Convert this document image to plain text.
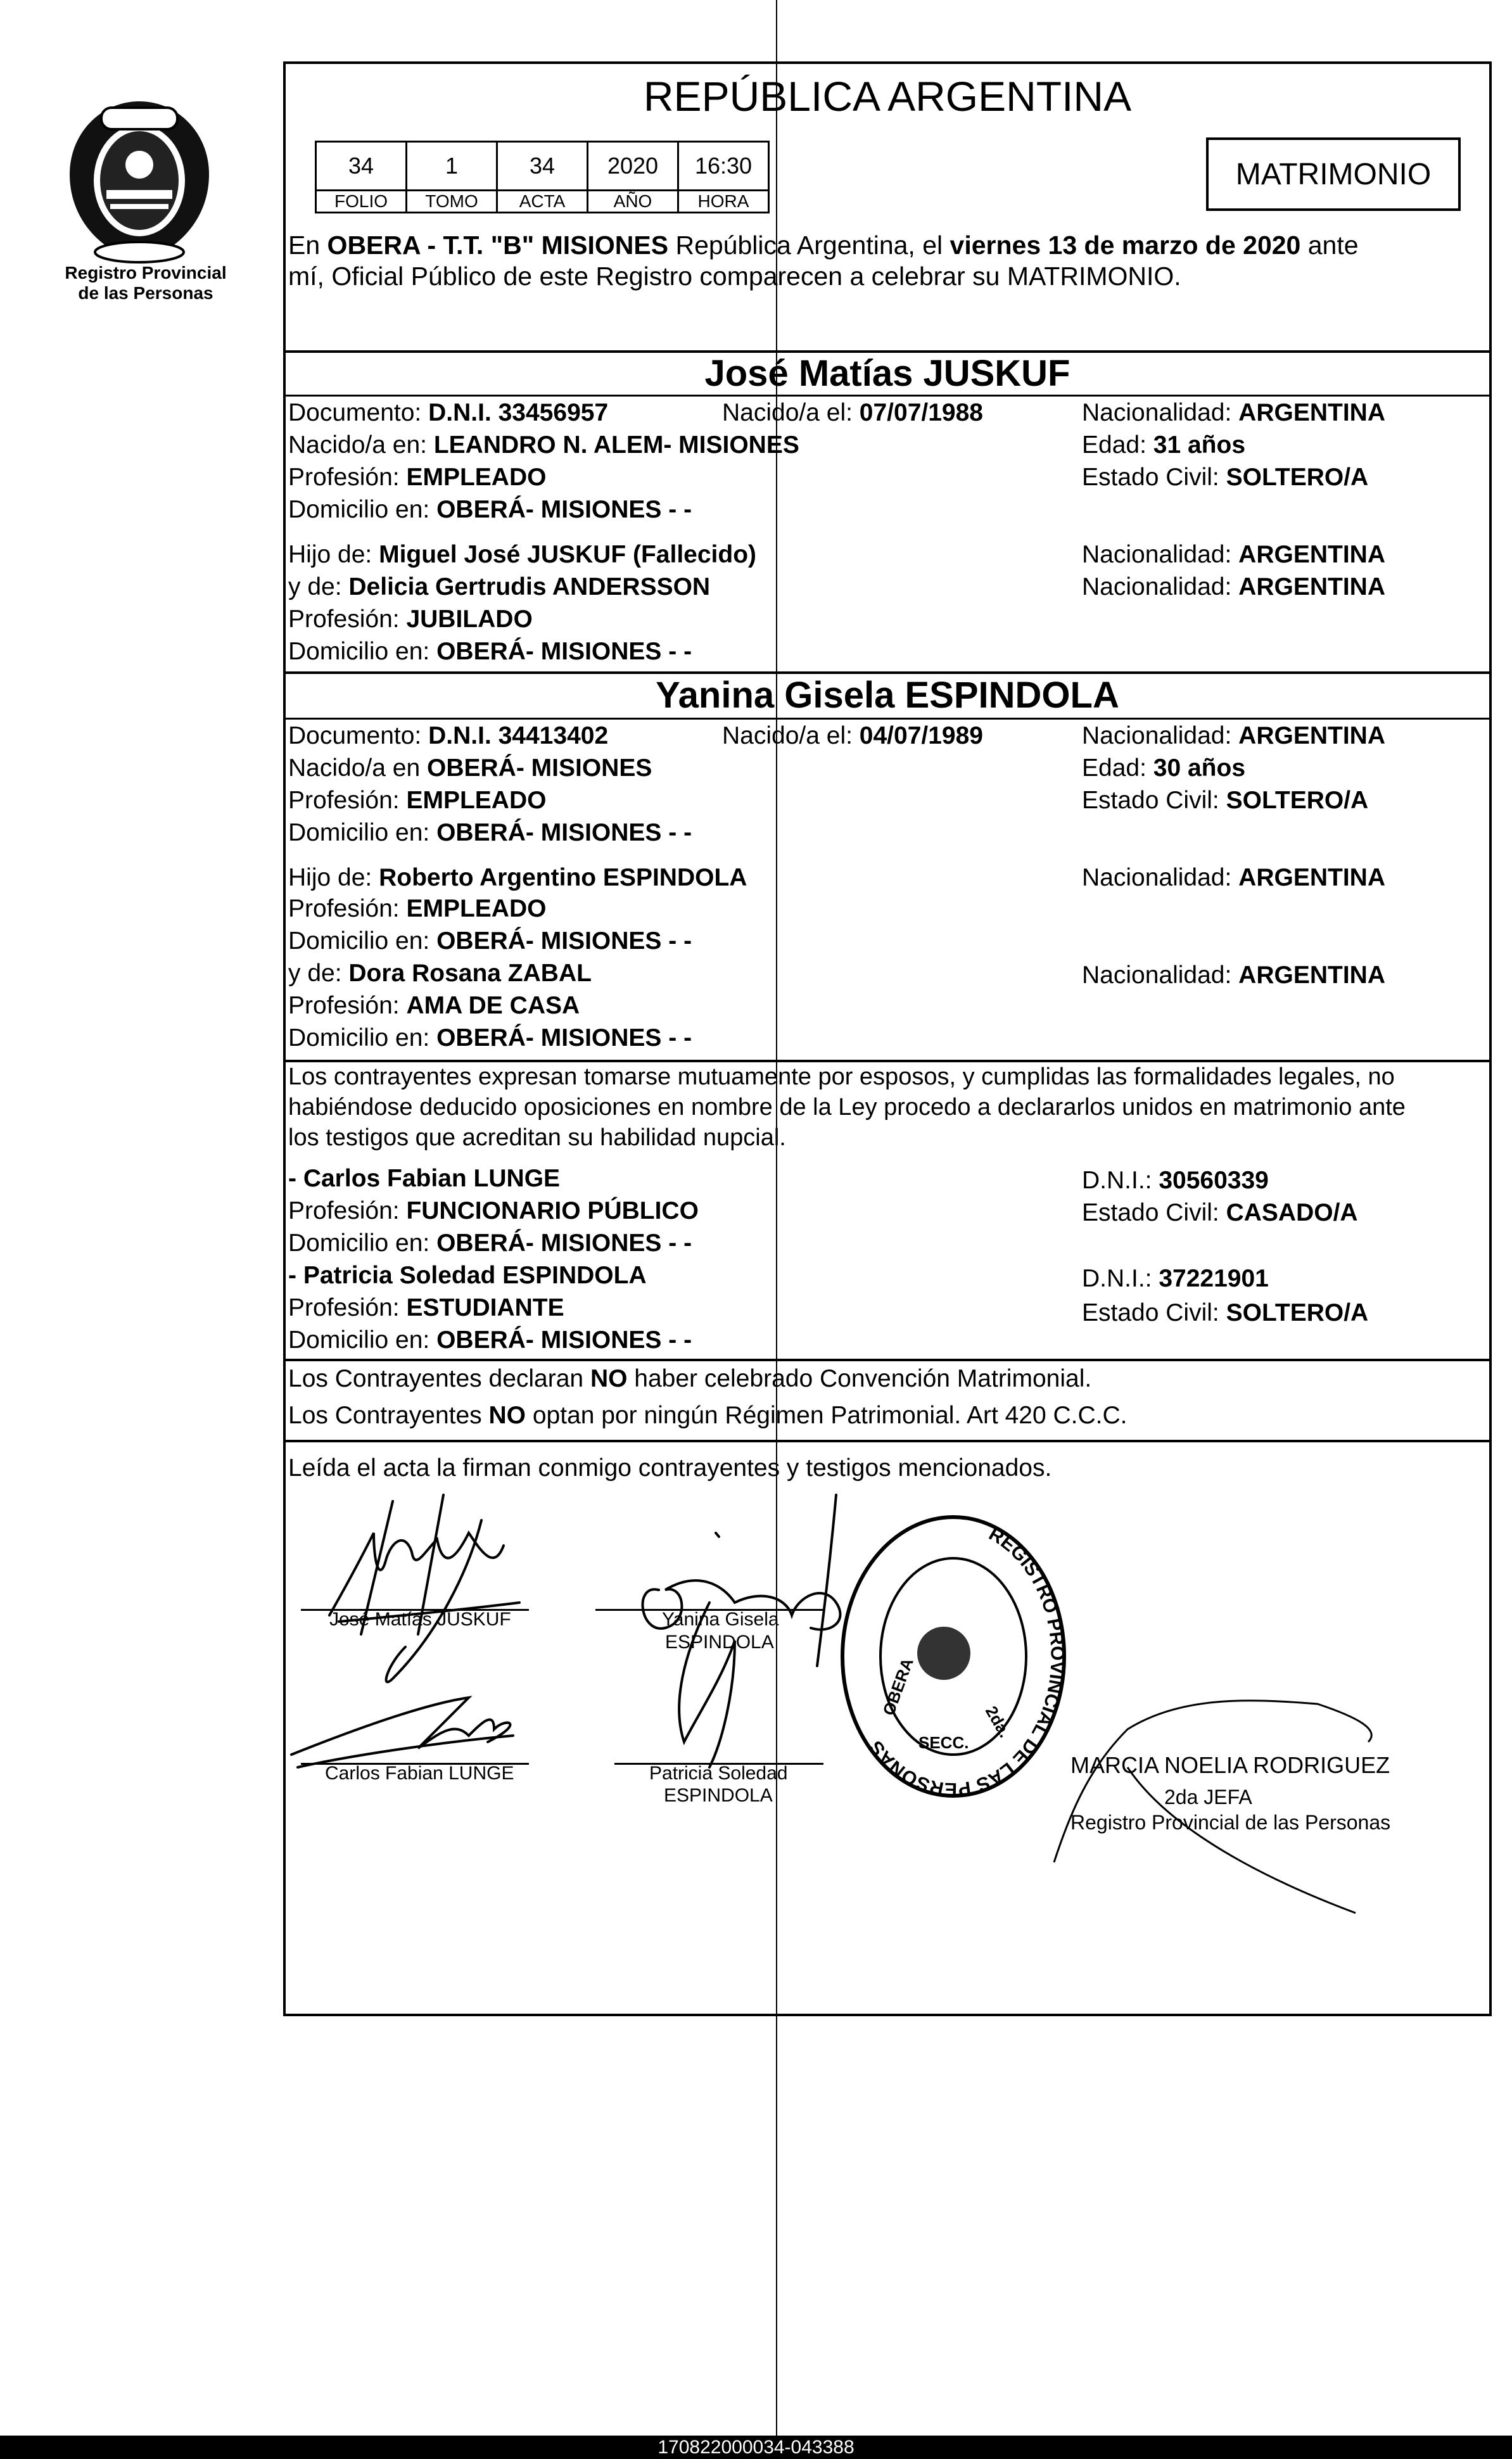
Registro Provincial de las Personas
REPÚBLICA ARGENTINA
34	1	34	2020	16:30
FOLIO	TOMO	ACTA	AÑO	HORA
MATRIMONIO
En OBERA - T.T. "B" MISIONES República Argentina, el viernes 13 de marzo de 2020 ante
mí, Oficial Público de este Registro comparecen a celebrar su MATRIMONIO.
José Matías JUSKUF
Documento: D.N.I. 33456957	Nacido/a el: 07/07/1988	Nacionalidad: ARGENTINA
Nacido/a en: LEANDRO N. ALEM- MISIONES	Edad: 31 años
Profesión: EMPLEADO	Estado Civil: SOLTERO/A
Domicilio en: OBERÁ- MISIONES - -
Hijo de: Miguel José JUSKUF (Fallecido)	Nacionalidad: ARGENTINA
y de: Delicia Gertrudis ANDERSSON	Nacionalidad: ARGENTINA
Profesión: JUBILADO
Domicilio en: OBERÁ- MISIONES - -
Yanina Gisela ESPINDOLA
Documento: D.N.I. 34413402	Nacido/a el: 04/07/1989	Nacionalidad: ARGENTINA
Nacido/a en OBERÁ- MISIONES	Edad: 30 años
Profesión: EMPLEADO	Estado Civil: SOLTERO/A
Domicilio en: OBERÁ- MISIONES - -
Hijo de: Roberto Argentino ESPINDOLA	Nacionalidad: ARGENTINA
Profesión: EMPLEADO
Domicilio en: OBERÁ- MISIONES - -
y de: Dora Rosana ZABAL	Nacionalidad: ARGENTINA
Profesión: AMA DE CASA
Domicilio en: OBERÁ- MISIONES - -
Los contrayentes expresan tomarse mutuamente por esposos, y cumplidas las formalidades legales, no
habiéndose deducido oposiciones en nombre de la Ley procedo a declararlos unidos en matrimonio ante
los testigos que acreditan su habilidad nupcial.
- Carlos Fabian LUNGE	D.N.I.: 30560339
Profesión: FUNCIONARIO PÚBLICO	Estado Civil: CASADO/A
Domicilio en: OBERÁ- MISIONES - -
- Patricia Soledad ESPINDOLA	D.N.I.: 37221901
Profesión: ESTUDIANTE	Estado Civil: SOLTERO/A
Domicilio en: OBERÁ- MISIONES - -
Los Contrayentes declaran NO haber celebrado Convención Matrimonial.
Los Contrayentes NO optan por ningún Régimen Patrimonial. Art 420 C.C.C.
Leída el acta la firman conmigo contrayentes y testigos mencionados.
José Matías JUSKUF	Yanina Gisela
ESPINDOLA
Carlos Fabian LUNGE	Patricia Soledad
ESPINDOLA
REGISTRO PROVINCIAL DE LAS PERSONAS
OBERA
SECC.
2da.
MARCIA NOELIA RODRIGUEZ
2da JEFA
Registro Provincial de las Personas
170822000034-043388
